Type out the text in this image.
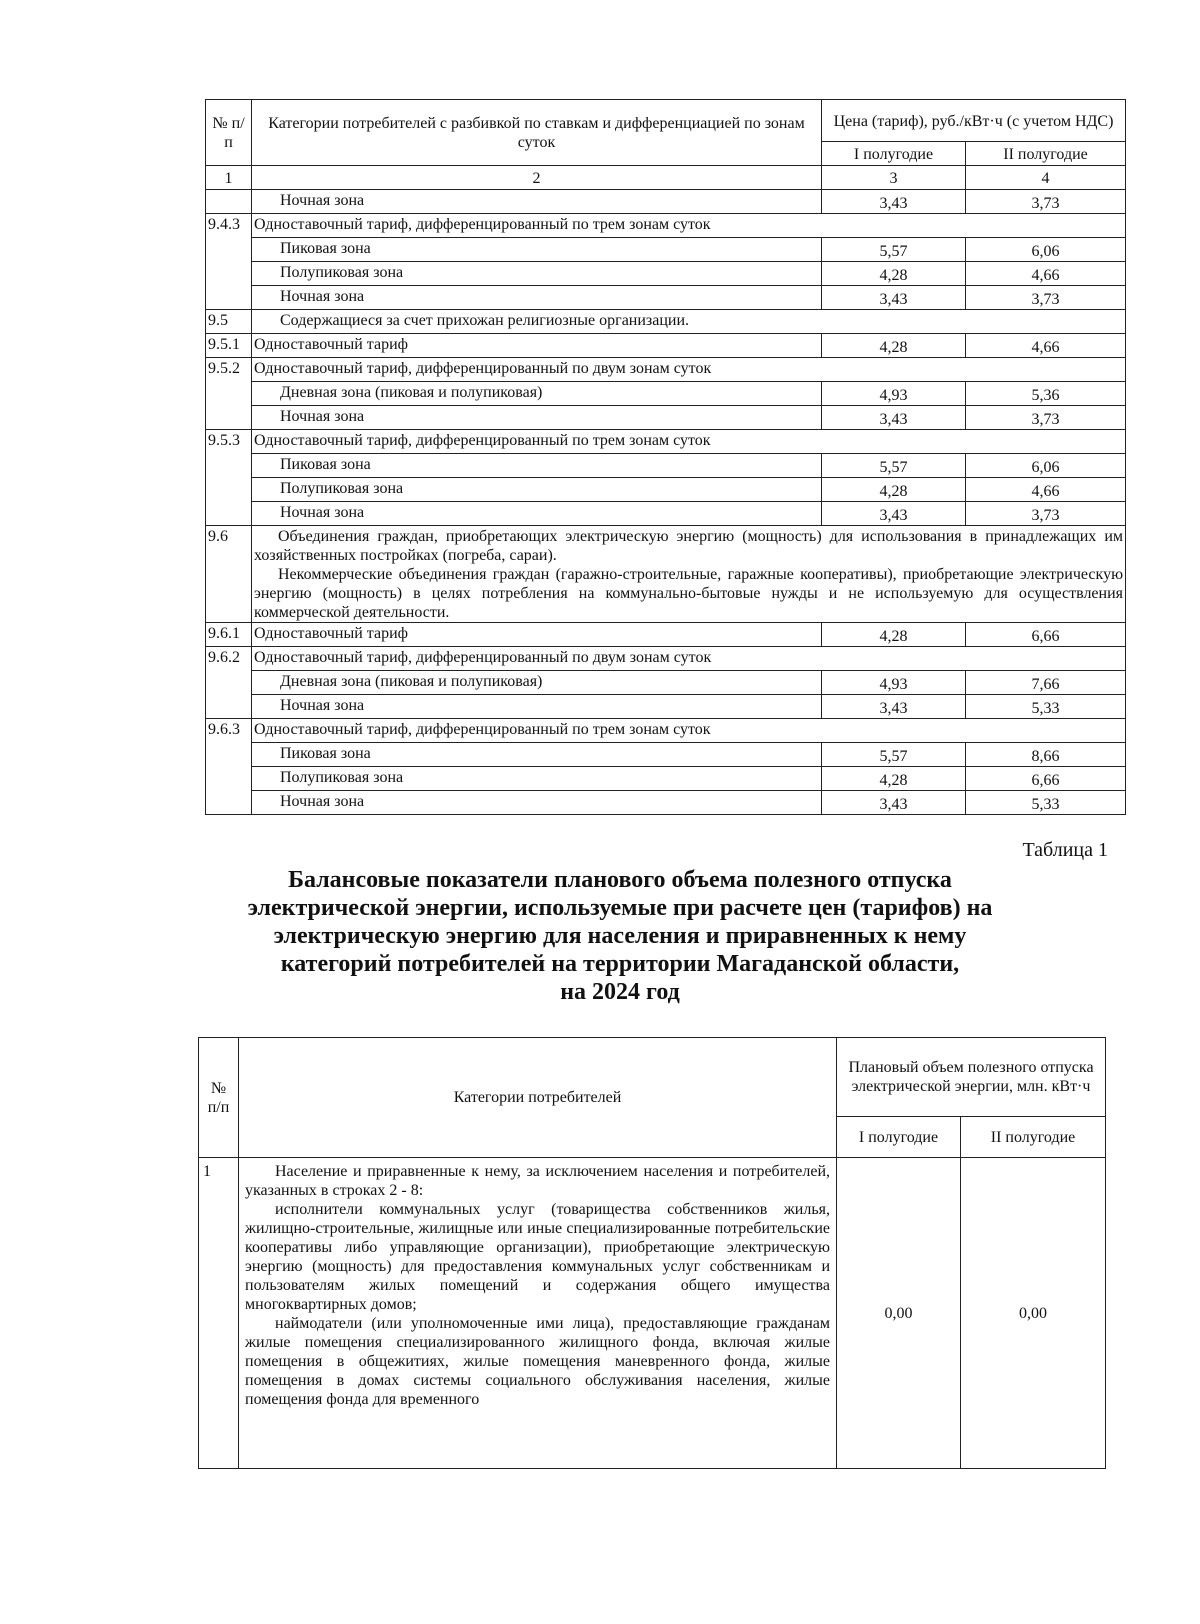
№ п/п	Категории потребителей с разбивкой по ставкам и дифференциацией по зонам суток	Цена (тариф), руб./кВт·ч (с учетом НДС)	
		I полугодие	II полугодие
1	2	3	4
	Ночная зона	3,43	3,73
9.4.3	Одноставочный тариф, дифференцированный по трем зонам суток		
	Пиковая зона	5,57	6,06
	Полупиковая зона	4,28	4,66
	Ночная зона	3,43	3,73
9.5	Содержащиеся за счет прихожан религиозные организации.		
9.5.1	Одноставочный тариф	4,28	4,66
9.5.2	Одноставочный тариф, дифференцированный по двум зонам суток		
	Дневная зона (пиковая и полупиковая)	4,93	5,36
	Ночная зона	3,43	3,73
9.5.3	Одноставочный тариф, дифференцированный по трем зонам суток		
	Пиковая зона	5,57	6,06
	Полупиковая зона	4,28	4,66
	Ночная зона	3,43	3,73
9.6	Объединения граждан, приобретающих электрическую энергию (мощность) для использования в принадлежащих им хозяйственных постройках (погреба, сараи).

Некоммерческие объединения граждан (гаражно-строительные, гаражные кооперативы), приобретающие электрическую энергию (мощность) в целях потребления на коммунально-бытовые нужды и не используемую для осуществления коммерческой деятельности.		

9.6.1	Одноставочный тариф	4,28	6,66
9.6.2	Одноставочный тариф, дифференцированный по двум зонам суток		
	Дневная зона (пиковая и полупиковая)	4,93	7,66
	Ночная зона	3,43	5,33
9.6.3	Одноставочный тариф, дифференцированный по трем зонам суток		
	Пиковая зона	5,57	8,66
	Полупиковая зона	4,28	6,66
	Ночная зона	3,43	5,33
Таблица 1
Балансовые показатели планового объема полезного отпуска
электрической энергии, используемые при расчете цен (тарифов) на
электрическую энергию для населения и приравненных к нему
категорий потребителей на территории Магаданской области,
на 2024 год
№ п/п	Категории потребителей	Плановый объем полезного отпуска электрической энергии, млн. кВт·ч	
		I полугодие	II полугодие
1	Население и приравненные к нему, за исключением населения и потребителей, указанных в строках 2 - 8:

исполнители коммунальных услуг (товарищества собственников жилья, жилищно-строительные, жилищные или иные специализированные потребительские кооперативы либо управляющие организации), приобретающие электрическую энергию (мощность) для предоставления коммунальных услуг собственникам и пользователям жилых помещений и содержания общего имущества многоквартирных домов;

наймодатели (или уполномоченные ими лица), предоставляющие гражданам жилые помещения специализированного жилищного фонда, включая жилые помещения в общежитиях, жилые помещения маневренного фонда, жилые помещения в домах системы социального обслуживания населения, жилые помещения фонда для временного	0,00	0,00
